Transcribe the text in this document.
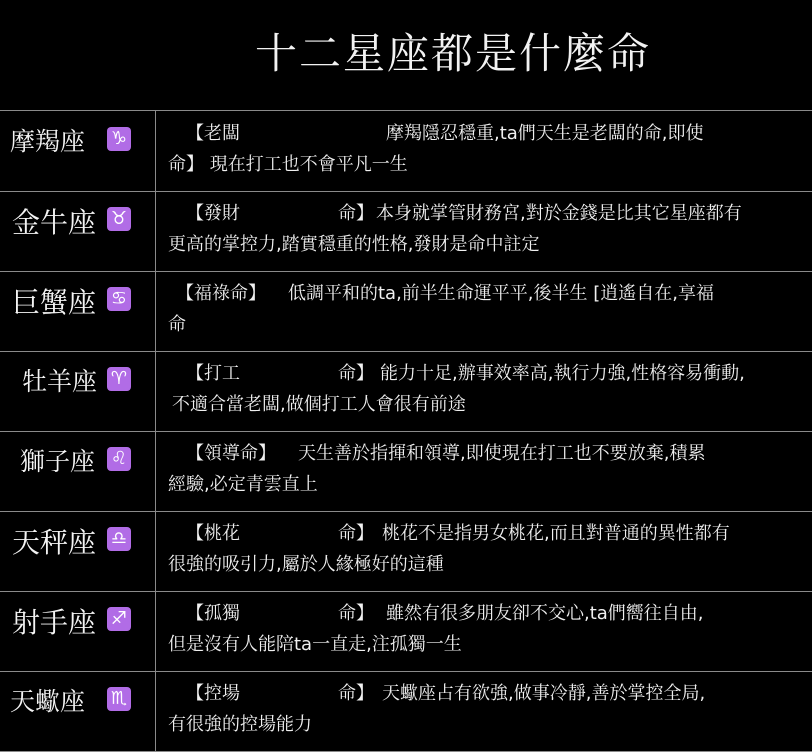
十二星座都是什麼命
摩羯座 ♑	【老闆	摩羯隱忍穩重,ta們天生是老闆的命,即使
命】 現在打工也不會平凡一生
金牛座 ♉	【發財	命】 本身就掌管財務宮,對於金錢是比其它星座都有
更高的掌控力,踏實穩重的性格,發財是命中註定
巨蟹座 ♋	【福祿命】 低調平和的ta,前半生命運平平,後半生 [逍遙自在,享福
命
牡羊座 ♈	【打工	命】 能力十足,辦事效率高,執行力強,性格容易衝動,
不適合當老闆,做個打工人會很有前途
獅子座 ♌	【領導命】 天生善於指揮和領導,即使現在打工也不要放棄,積累
經驗,必定青雲直上
天秤座 ♎	【桃花	命】 桃花不是指男女桃花,而且對普通的異性都有
很強的吸引力,屬於人緣極好的這種
射手座 ♐	【孤獨	命】 雖然有很多朋友卻不交心,ta們嚮往自由,
但是沒有人能陪ta一直走,注孤獨一生
天蠍座 ♏	【控場	命】 天蠍座占有欲強,做事冷靜,善於掌控全局,
有很強的控場能力
